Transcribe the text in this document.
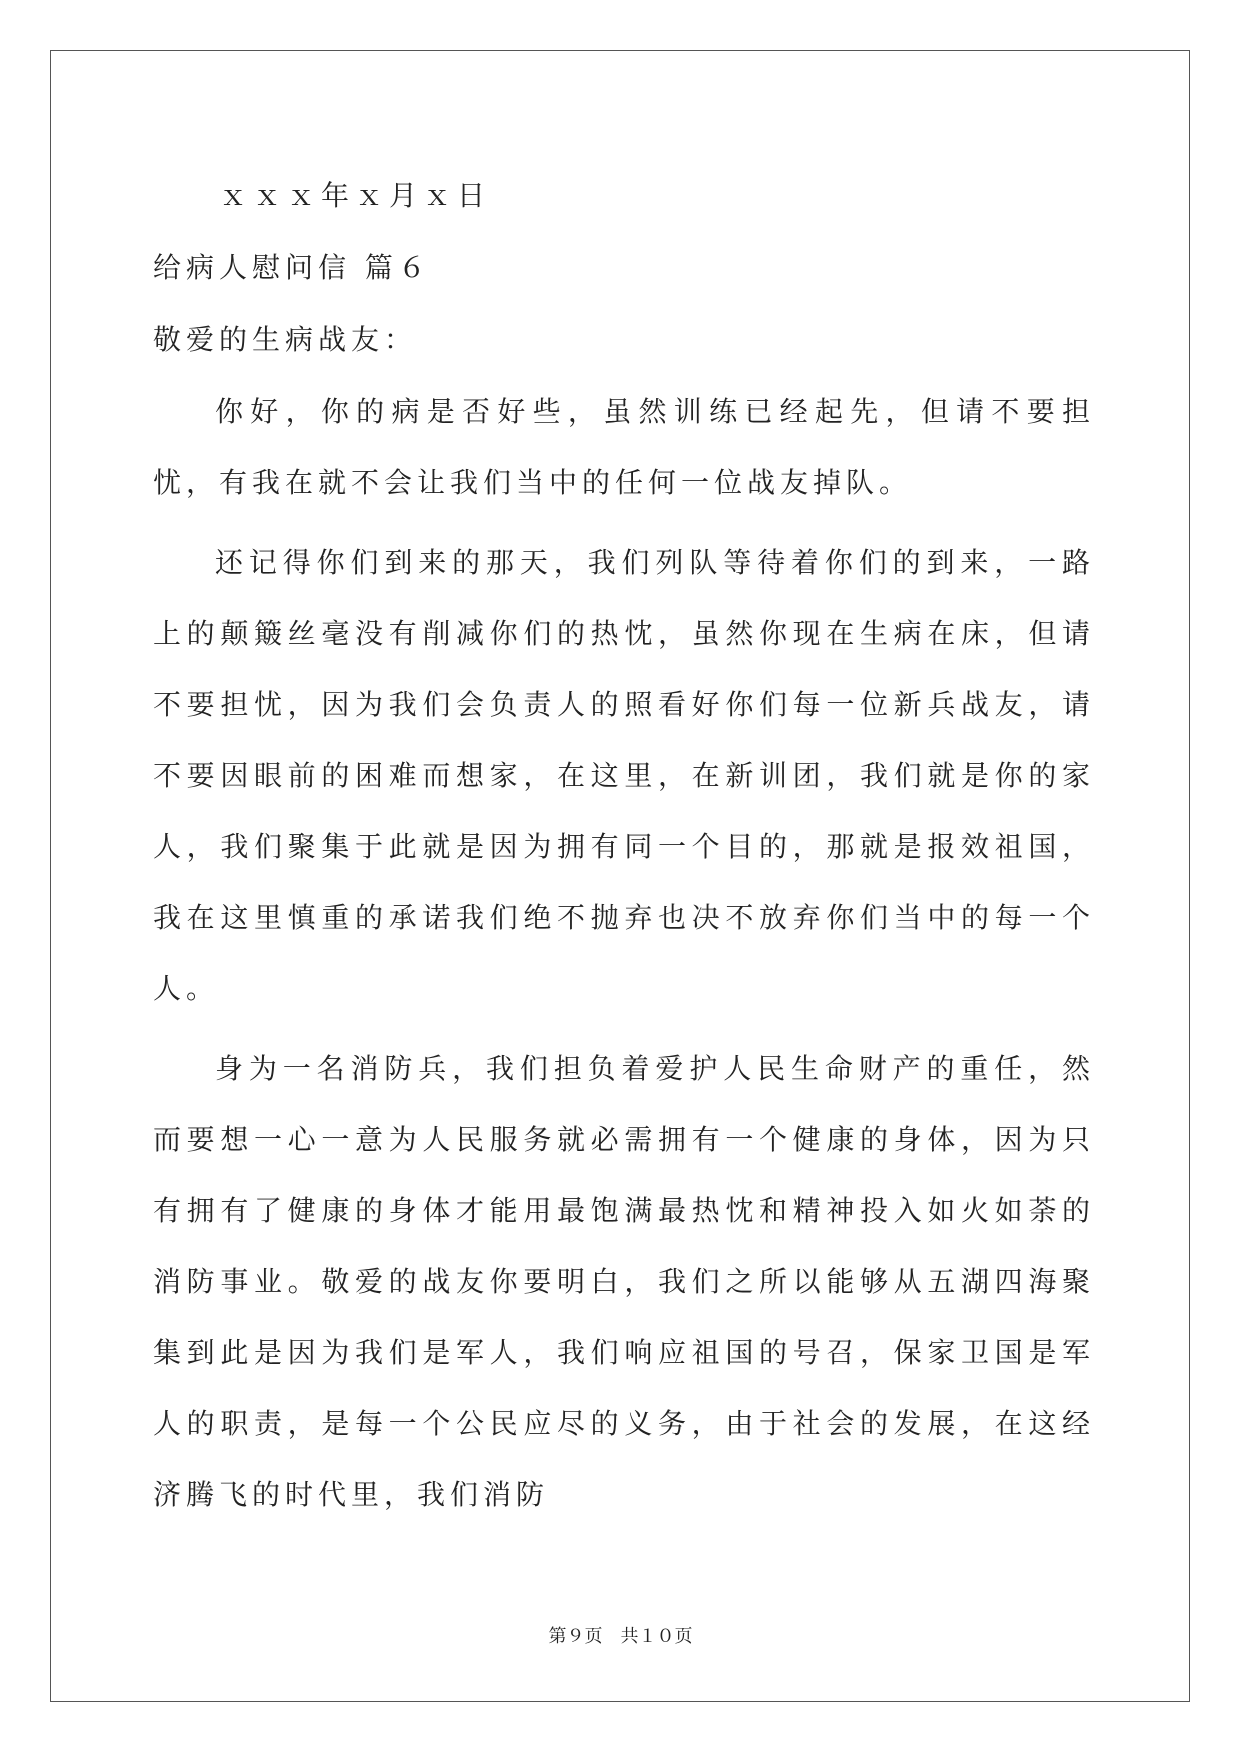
ｘｘｘ年ｘ月ｘ日
给病人慰问信 篇６
敬爱的生病战友：

你好，你的病是否好些，虽然训练已经起先，但请不要担忧，有我在就不会让我们当中的任何一位战友掉队。

还记得你们到来的那天，我们列队等待着你们的到来，一路上的颠簸丝毫没有削减你们的热忱，虽然你现在生病在床，但请不要担忧，因为我们会负责人的照看好你们每一位新兵战友，请不要因眼前的困难而想家，在这里，在新训团，我们就是你的家人，我们聚集于此就是因为拥有同一个目的，那就是报效祖国，我在这里慎重的承诺我们绝不抛弃也决不放弃你们当中的每一个人。

身为一名消防兵，我们担负着爱护人民生命财产的重任，然而要想一心一意为人民服务就必需拥有一个健康的身体，因为只有拥有了健康的身体才能用最饱满最热忱和精神投入如火如荼的消防事业。敬爱的战友你要明白，我们之所以能够从五湖四海聚集到此是因为我们是军人，我们响应祖国的号召，保家卫国是军人的职责，是每一个公民应尽的义务，由于社会的发展，在这经济腾飞的时代里，我们消防

第９页　共１０页
